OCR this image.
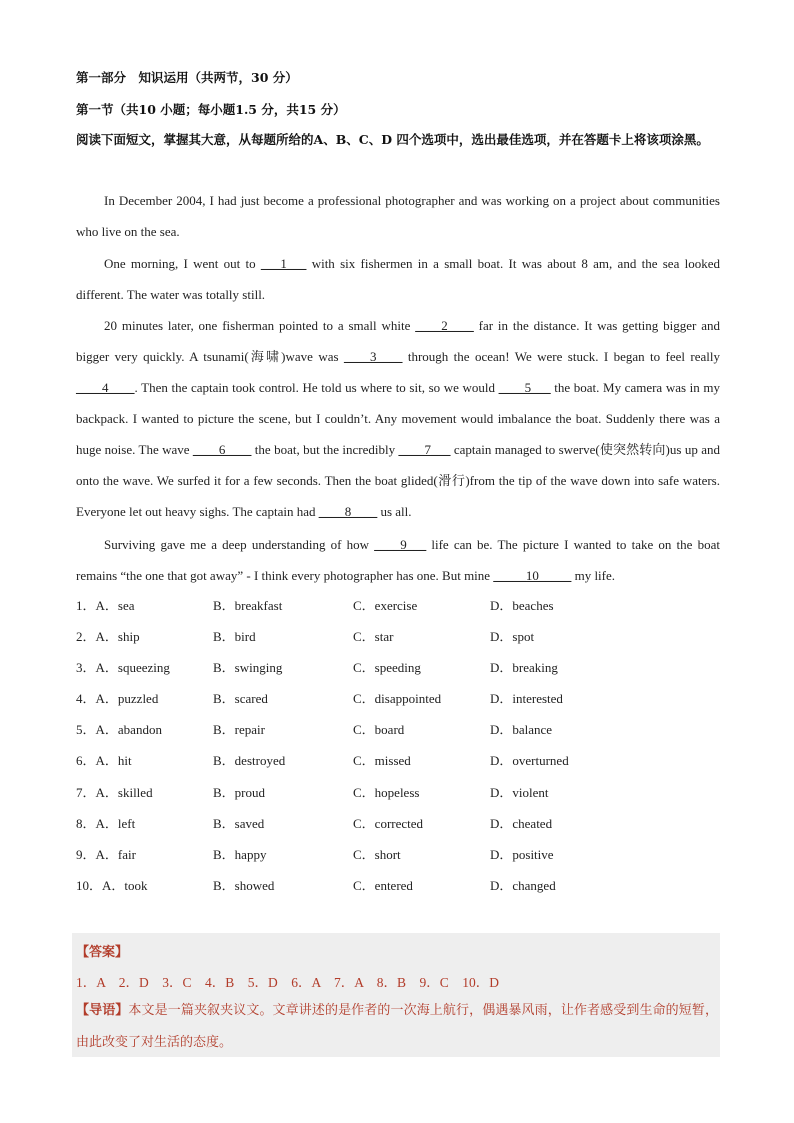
第一部分　知识运用（共两节，30 分）
第一节（共10 小题；每小题1.5 分，共15 分）
阅读下面短文，掌握其大意，从每题所给的A、B、C、D 四个选项中，选出最佳选项，并在答题卡上将该项涂黑。
In December 2004, I had just become a professional photographer and was working on a project about communities who live on the sea.
One morning, I went out to ___1___ with six fishermen in a small boat. It was about 8 am, and the sea looked different. The water was totally still.
20 minutes later, one fisherman pointed to a small white ____2____ far in the distance. It was getting bigger and bigger very quickly. A tsunami(海啸)wave was ____3____ through the ocean! We were stuck. I began to feel really ____4____. Then the captain took control. He told us where to sit, so we would ____5___ the boat. My camera was in my backpack. I wanted to picture the scene, but I couldn’t. Any movement would imbalance the boat. Suddenly there was a huge noise. The wave ____6____ the boat, but the incredibly ____7___ captain managed to swerve(使突然转向)us up and onto the wave. We surfed it for a few seconds. Then the boat glided(滑行)from the tip of the wave down into safe waters. Everyone let out heavy sighs. The captain had ____8____ us all.
Surviving gave me a deep understanding of how ____9___ life can be. The picture I wanted to take on the boat remains “the one that got away” - I think every photographer has one. But mine _____10_____ my life.
1．A．sea	B．breakfast	C．exercise	D．beaches
2．A．ship	B．bird	C．star	D．spot
3．A．squeezing	B．swinging	C．speeding	D．breaking
4．A．puzzled	B．scared	C．disappointed	D．interested
5．A．abandon	B．repair	C．board	D．balance
6．A．hit	B．destroyed	C．missed	D．overturned
7．A．skilled	B．proud	C．hopeless	D．violent
8．A．left	B．saved	C．corrected	D．cheated
9．A．fair	B．happy	C．short	D．positive
10．A．took	B．showed	C．entered	D．changed
【答案】
1．A　2．D　3．C　4．B　5．D　6．A　7．A　8．B　9．C　10．D
【导语】本文是一篇夹叙夹议文。文章讲述的是作者的一次海上航行，偶遇暴风雨，让作者感受到生命的短暂，由此改变了对生活的态度。
